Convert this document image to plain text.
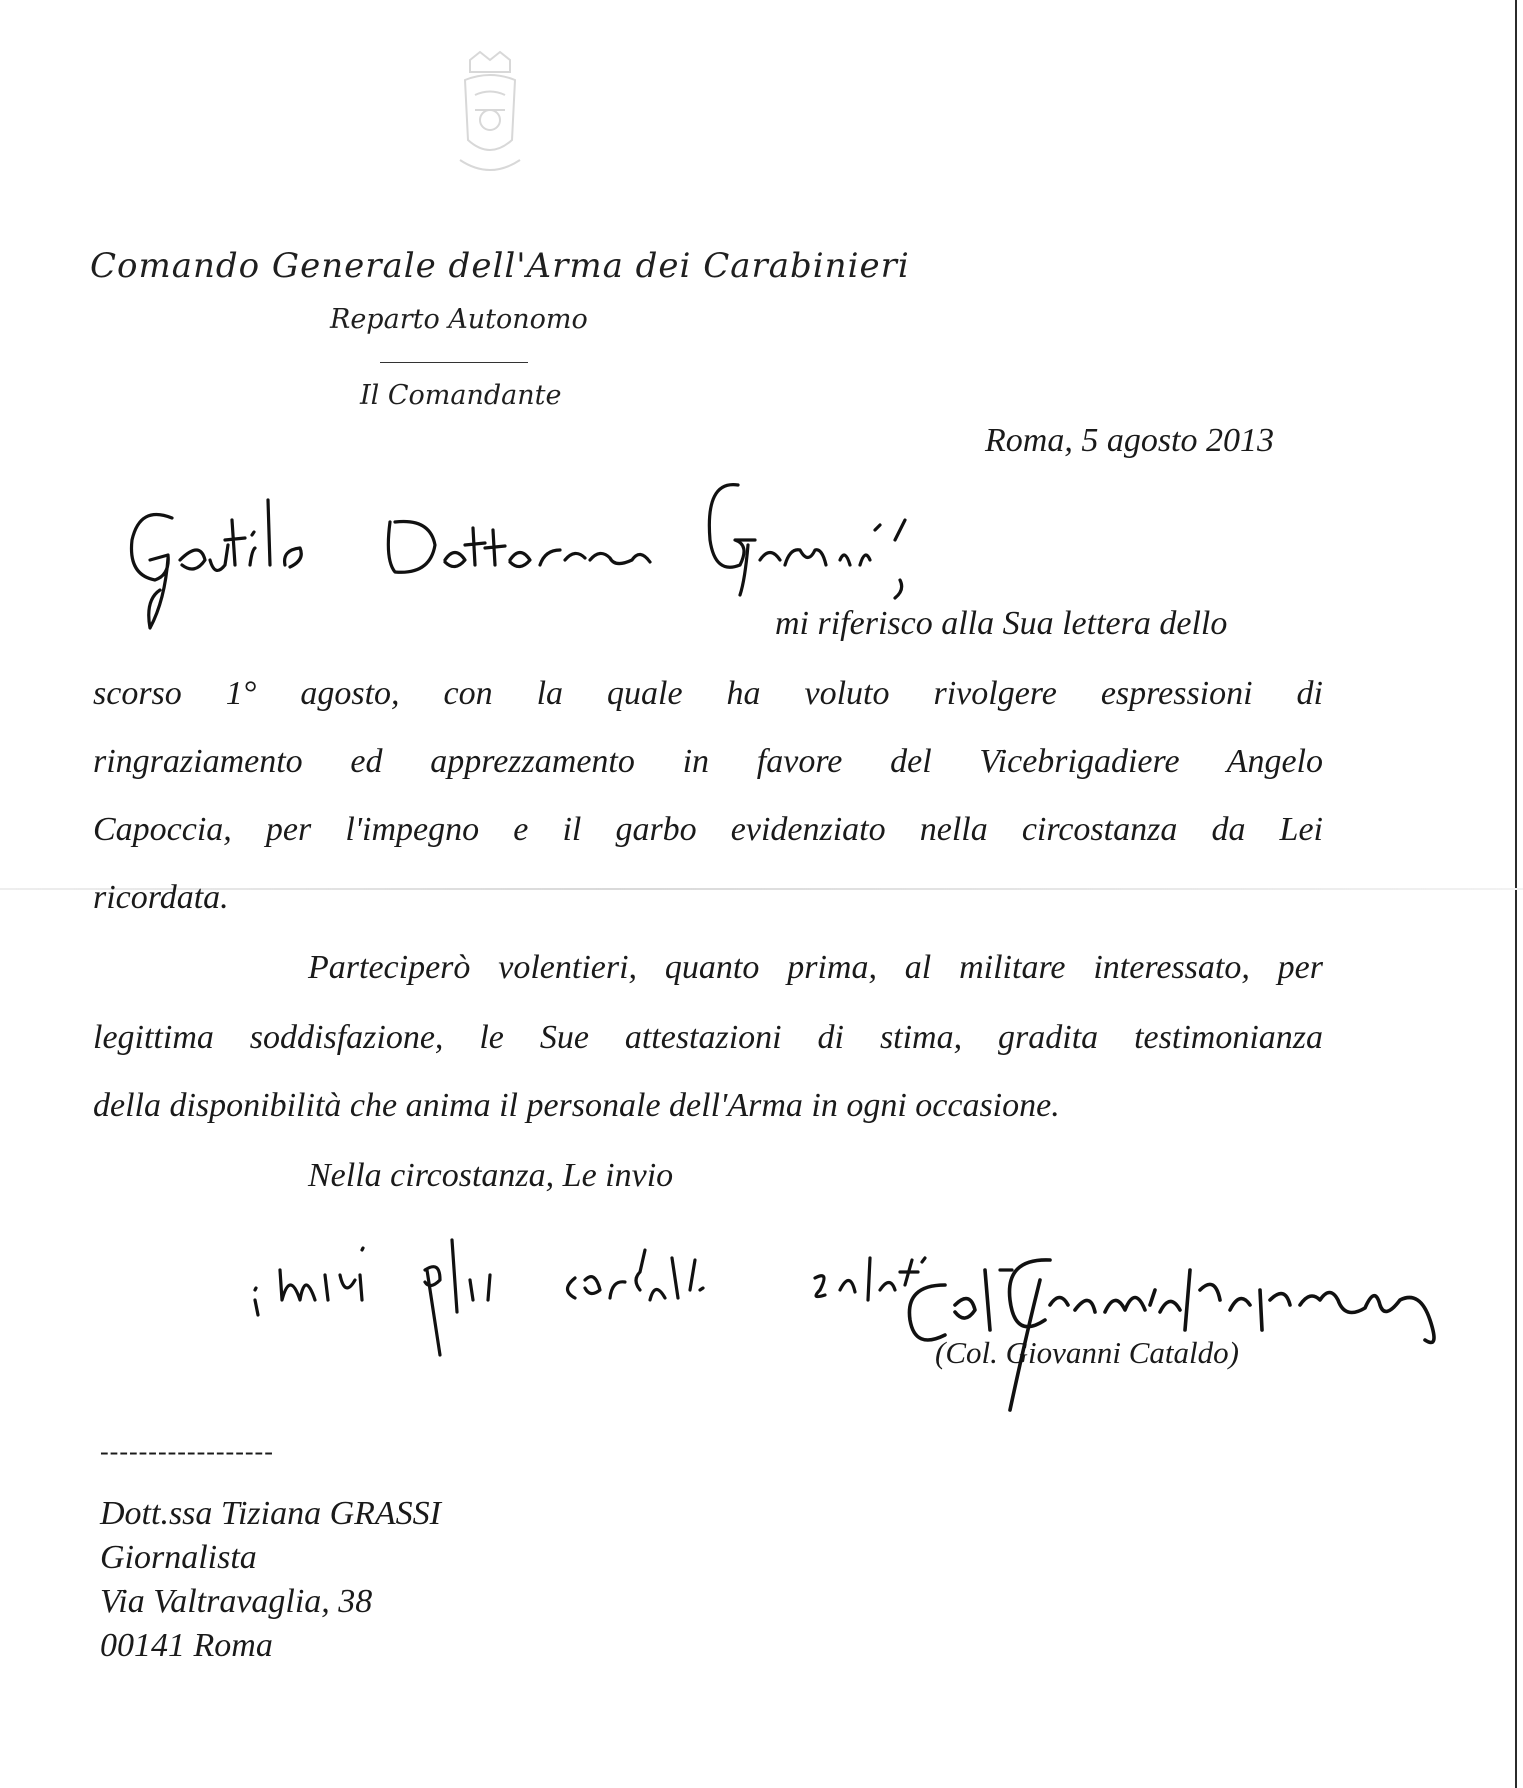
Comando Generale dell'Arma dei Carabinieri
Reparto Autonomo
Il Comandante
Roma, 5 agosto 2013
mi riferisco alla Sua lettera dello
scorso 1° agosto, con la quale ha voluto rivolgere espressioni di
ringraziamento ed apprezzamento in favore del Vicebrigadiere Angelo
Capoccia, per l'impegno e il garbo evidenziato nella circostanza da Lei
ricordata.
Parteciperò volentieri, quanto prima, al militare interessato, per
legittima soddisfazione, le Sue attestazioni di stima, gradita testimonianza
della disponibilità che anima il personale dell'Arma in ogni occasione.
Nella circostanza, Le invio
(Col. Giovanni Cataldo)
------------------
Dott.ssa Tiziana GRASSI
Giornalista
Via Valtravaglia, 38
00141 Roma
